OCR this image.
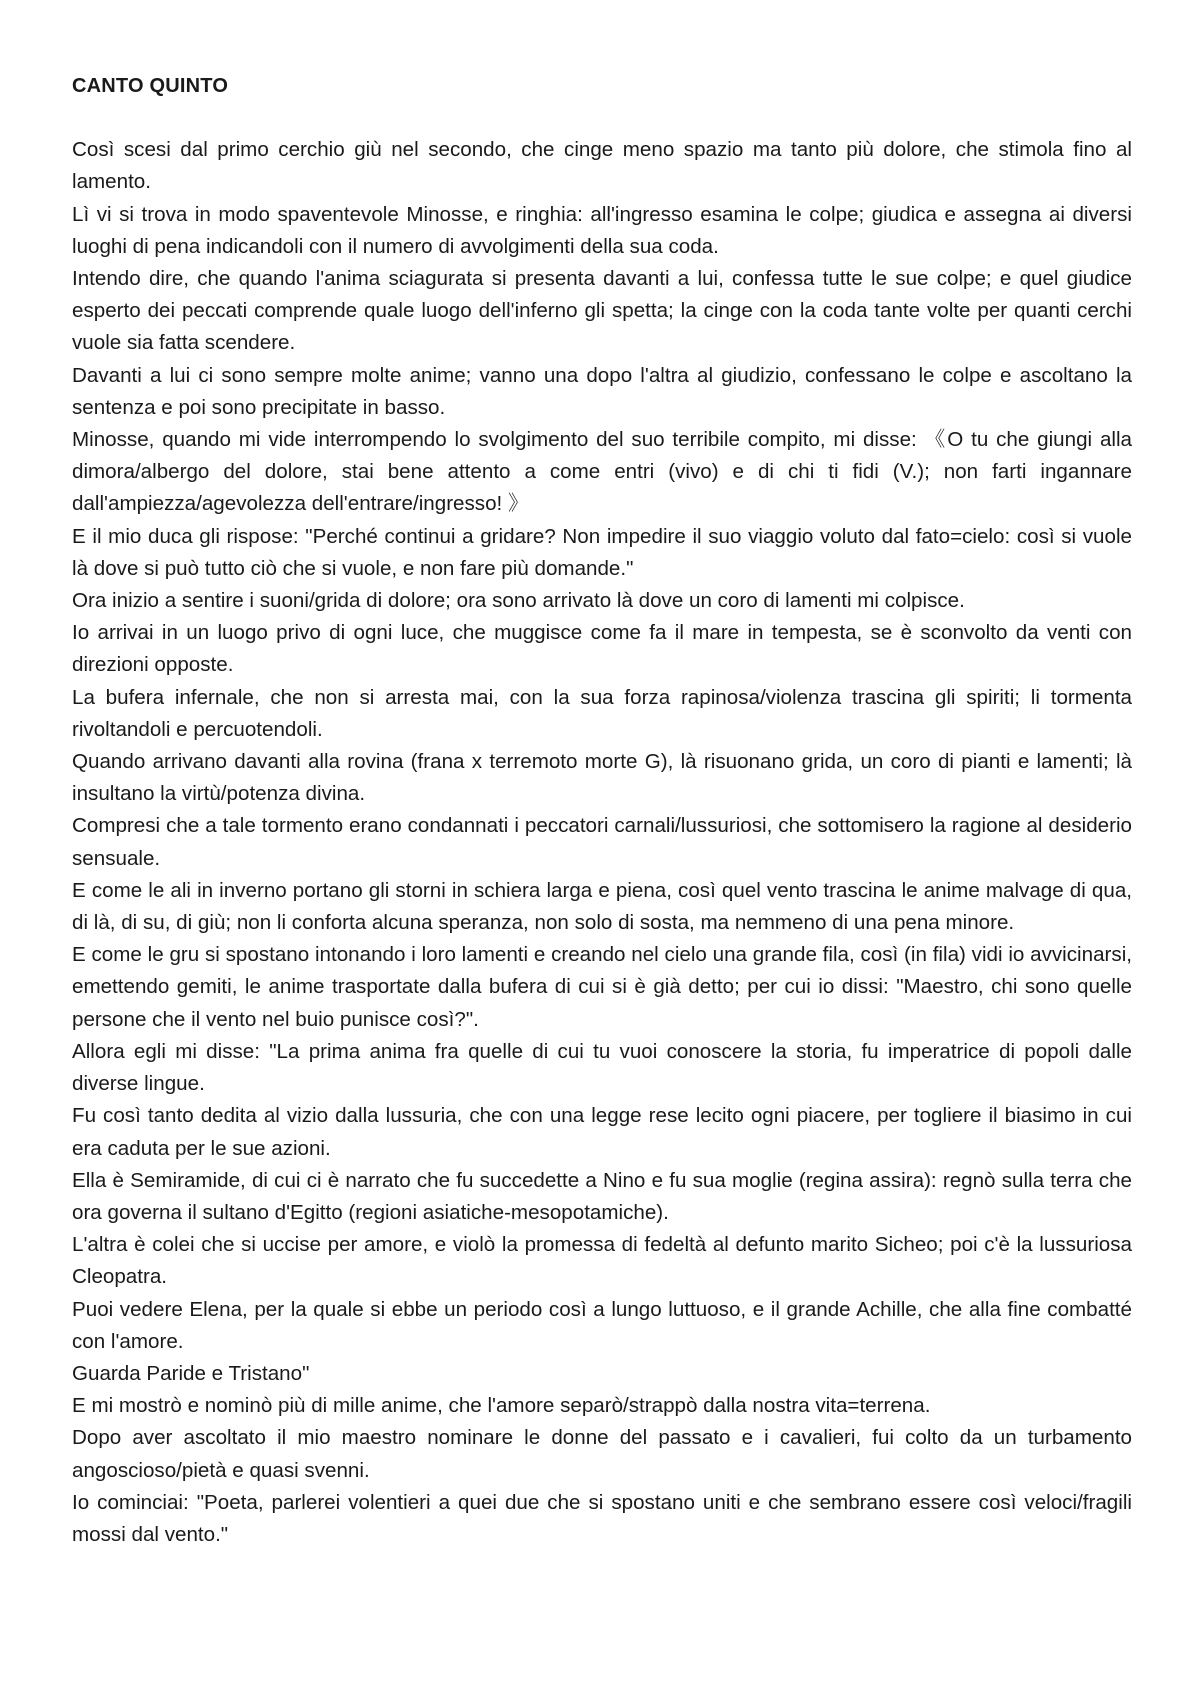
CANTO QUINTO

Così scesi dal primo cerchio giù nel secondo, che cinge meno spazio ma tanto più dolore, che stimola fino al lamento.

Lì vi si trova in modo spaventevole Minosse, e ringhia: all'ingresso esamina le colpe; giudica e assegna ai diversi luoghi di pena indicandoli con il numero di avvolgimenti della sua coda.

Intendo dire, che quando l'anima sciagurata si presenta davanti a lui, confessa tutte le sue colpe; e quel giudice esperto dei peccati comprende quale luogo dell'inferno gli spetta; la cinge con la coda tante volte per quanti cerchi vuole sia fatta scendere.

Davanti a lui ci sono sempre molte anime; vanno una dopo l'altra al giudizio, confessano le colpe e ascoltano la sentenza e poi sono precipitate in basso.

Minosse, quando mi vide interrompendo lo svolgimento del suo terribile compito, mi disse: 《O tu che giungi alla dimora/albergo del dolore, stai bene attento a come entri (vivo) e di chi ti fidi (V.); non farti ingannare dall'ampiezza/agevolezza dell'entrare/ingresso! 》

E il mio duca gli rispose: "Perché continui a gridare? Non impedire il suo viaggio voluto dal fato=cielo: così si vuole là dove si può tutto ciò che si vuole, e non fare più domande."

Ora inizio a sentire i suoni/grida di dolore; ora sono arrivato là dove un coro di lamenti mi colpisce.

Io arrivai in un luogo privo di ogni luce, che muggisce come fa il mare in tempesta, se è sconvolto da venti con direzioni opposte.

La bufera infernale, che non si arresta mai, con la sua forza rapinosa/violenza trascina gli spiriti; li tormenta rivoltandoli e percuotendoli.

Quando arrivano davanti alla rovina (frana x terremoto morte G), là risuonano grida, un coro di pianti e lamenti; là insultano la virtù/potenza divina.

Compresi che a tale tormento erano condannati i peccatori carnali/lussuriosi, che sottomisero la ragione al desiderio sensuale.

E come le ali in inverno portano gli storni in schiera larga e piena, così quel vento trascina le anime malvage di qua, di là, di su, di giù; non li conforta alcuna speranza, non solo di sosta, ma nemmeno di una pena minore.

E come le gru si spostano intonando i loro lamenti e creando nel cielo una grande fila, così (in fila) vidi io avvicinarsi, emettendo gemiti, le anime trasportate dalla bufera di cui si è già detto; per cui io dissi: "Maestro, chi sono quelle persone che il vento nel buio punisce così?".

Allora egli mi disse: "La prima anima fra quelle di cui tu vuoi conoscere la storia, fu imperatrice di popoli dalle diverse lingue.

Fu così tanto dedita al vizio dalla lussuria, che con una legge rese lecito ogni piacere, per togliere il biasimo in cui era caduta per le sue azioni.

Ella è Semiramide, di cui ci è narrato che fu succedette a Nino e fu sua moglie (regina assira): regnò sulla terra che ora governa il sultano d'Egitto (regioni asiatiche-mesopotamiche).

L'altra è colei che si uccise per amore, e violò la promessa di fedeltà al defunto marito Sicheo; poi c'è la lussuriosa Cleopatra.

Puoi vedere Elena, per la quale si ebbe un periodo così a lungo luttuoso, e il grande Achille, che alla fine combatté con l'amore.

Guarda Paride e Tristano"

E mi mostrò e nominò più di mille anime, che l'amore separò/strappò dalla nostra vita=terrena.

Dopo aver ascoltato il mio maestro nominare le donne del passato e i cavalieri, fui colto da un turbamento angoscioso/pietà e quasi svenni.

Io cominciai: "Poeta, parlerei volentieri a quei due che si spostano uniti e che sembrano essere così veloci/fragili mossi dal vento."
